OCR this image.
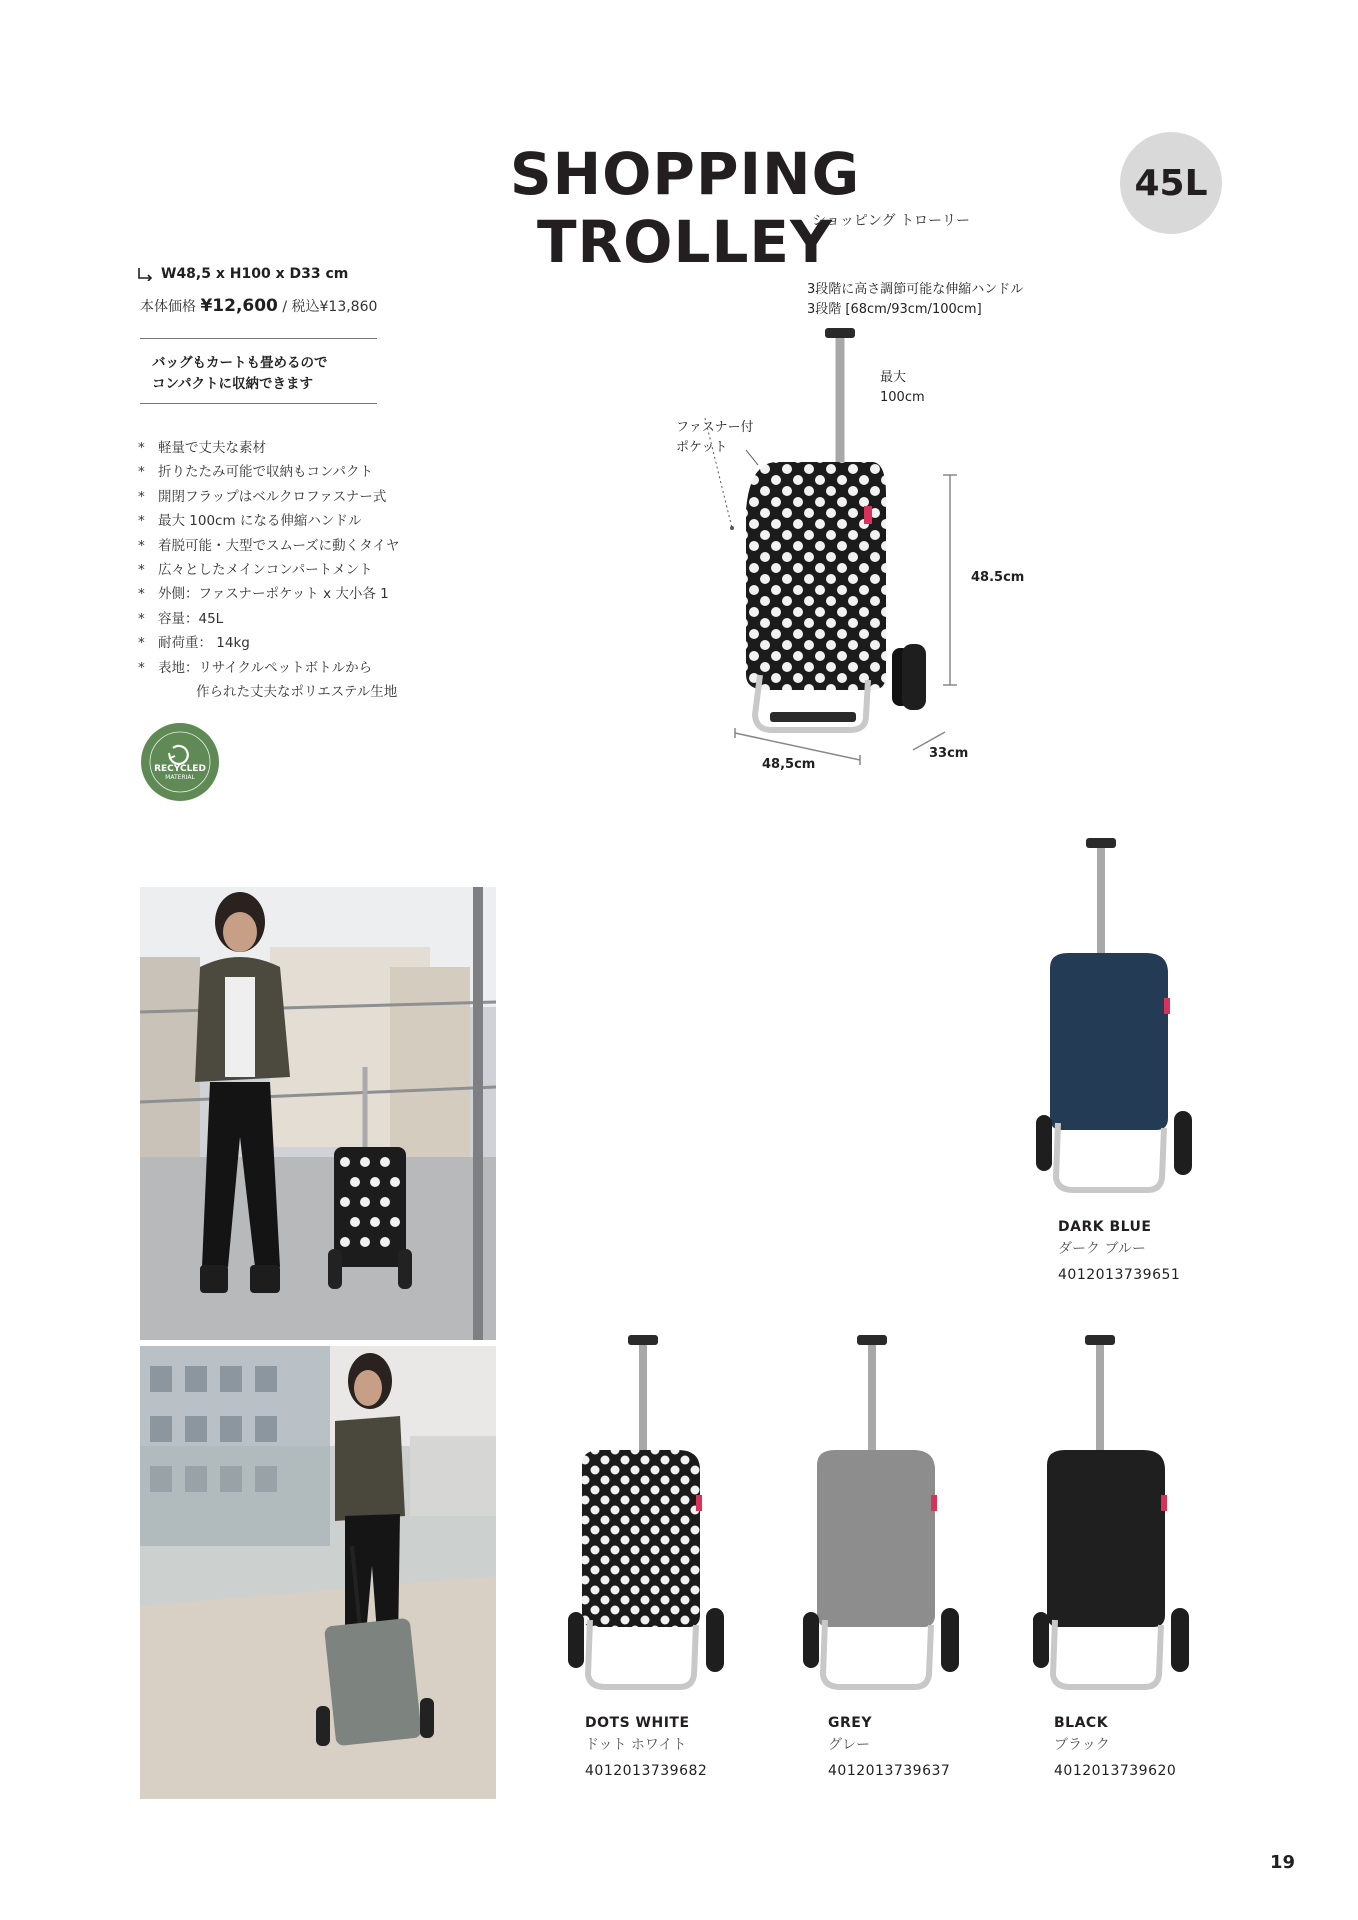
SHOPPING TROLLEY
ショッピング トローリー
45L
W48,5 x H100 x D33 cm
本体価格 ¥12,600 / 税込¥13,860
バッグもカートも畳めるので
コンパクトに収納できます
* 軽量で丈夫な素材
* 折りたたみ可能で収納もコンパクト
* 開閉フラップはベルクロファスナー式
* 最大 100cm になる伸縮ハンドル
* 着脱可能・大型でスムーズに動くタイヤ
* 広々としたメインコンパートメント
* 外側：ファスナーポケット x 大小各 1
* 容量：45L
* 耐荷重： 14kg
* 表地：リサイクルペットボトルから
作られた丈夫なポリエステル生地
RECYCLED
MATERIAL
3段階に高さ調節可能な伸縮ハンドル
3段階 [68cm/93cm/100cm]
最大
100cm
ファスナー付
ポケット
48.5cm
48,5cm
33cm
DARK BLUE
ダーク ブルー
4012013739651
DOTS WHITE
ドット ホワイト
4012013739682
GREY
グレー
4012013739637
BLACK
ブラック
4012013739620
19
